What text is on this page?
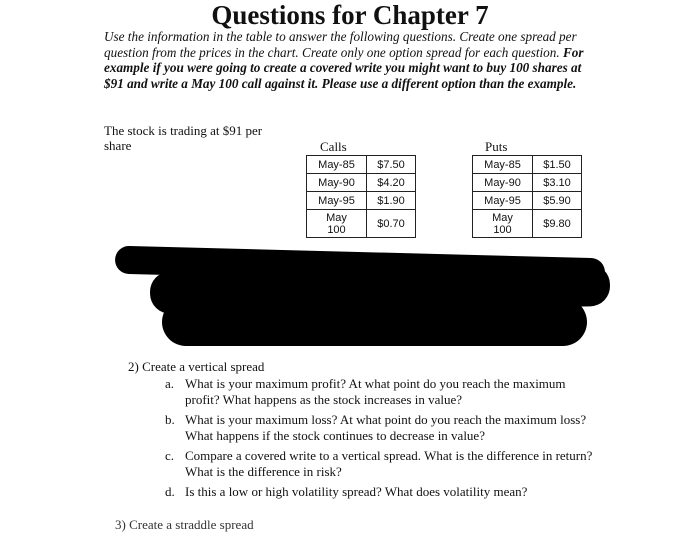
Questions for Chapter 7
Use the information in the table to answer the following questions. Create one spread per question from the prices in the chart. Create only one option spread for each question. For example if you were going to create a covered write you might want to buy 100 shares at $91 and write a May 100 call against it. Please use a different option than the example.
The stock is trading at $91 per share	Calls	Puts
May-85	$7.50
May-90	$4.20
May-95	$1.90
May 100	$0.70
May-85	$1.50
May-90	$3.10
May-95	$5.90
May 100	$9.80
2) Create a vertical spread
a. What is your maximum profit? At what point do you reach the maximum profit? What happens as the stock increases in value?
b. What is your maximum loss? At what point do you reach the maximum loss? What happens if the stock continues to decrease in value?
c. Compare a covered write to a vertical spread. What is the difference in return? What is the difference in risk?
d. Is this a low or high volatility spread? What does volatility mean?
3) Create a straddle spread
